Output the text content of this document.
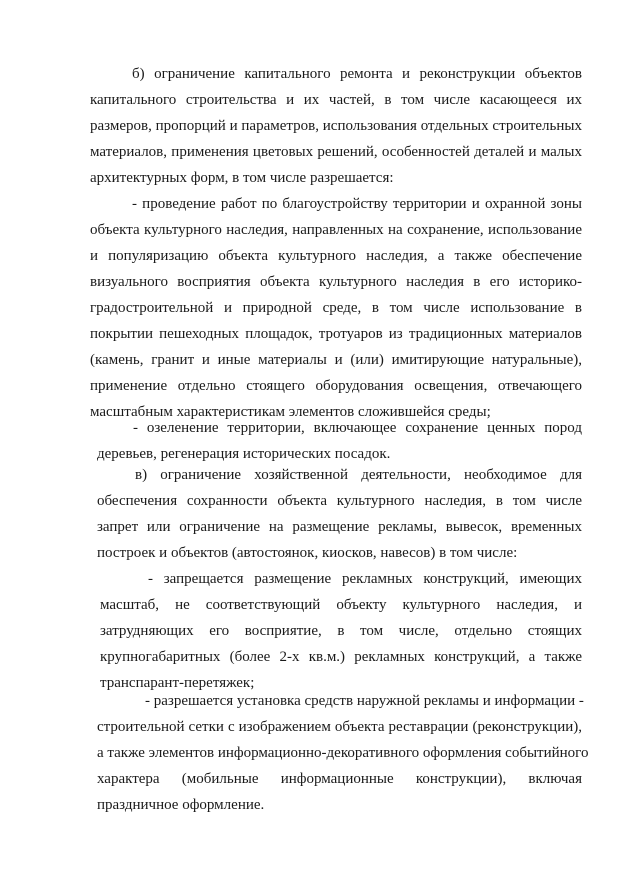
б) ограничение капитального ремонта и реконструкции объектов
капитального строительства и их частей, в том числе касающееся их
размеров, пропорций и параметров, использования отдельных строительных
материалов, применения цветовых решений, особенностей деталей и малых
архитектурных форм, в том числе разрешается:
- проведение работ по благоустройству территории и охранной зоны
объекта культурного наследия, направленных на сохранение, использование
и популяризацию объекта культурного наследия, а также обеспечение
визуального восприятия объекта культурного наследия в его историко-
градостроительной и природной среде, в том числе использование в
покрытии пешеходных площадок, тротуаров из традиционных материалов
(камень, гранит и иные материалы и (или) имитирующие натуральные),
применение отдельно стоящего оборудования освещения, отвечающего
масштабным характеристикам элементов сложившейся среды;
- озеленение территории, включающее сохранение ценных пород
деревьев, регенерация исторических посадок.
в) ограничение хозяйственной деятельности, необходимое для
обеспечения сохранности объекта культурного наследия, в том числе
запрет или ограничение на размещение рекламы, вывесок, временных
построек и объектов (автостоянок, киосков, навесов) в том числе:
- запрещается размещение рекламных конструкций, имеющих
масштаб, не соответствующий объекту культурного наследия, и
затрудняющих его восприятие, в том числе, отдельно стоящих
крупногабаритных (более 2-х кв.м.) рекламных конструкций, а также
транспарант-перетяжек;
- разрешается установка средств наружной рекламы и информации -
строительной сетки с изображением объекта реставрации (реконструкции),
а также элементов информационно-декоративного оформления событийного
характера (мобильные информационные конструкции), включая
праздничное оформление.
